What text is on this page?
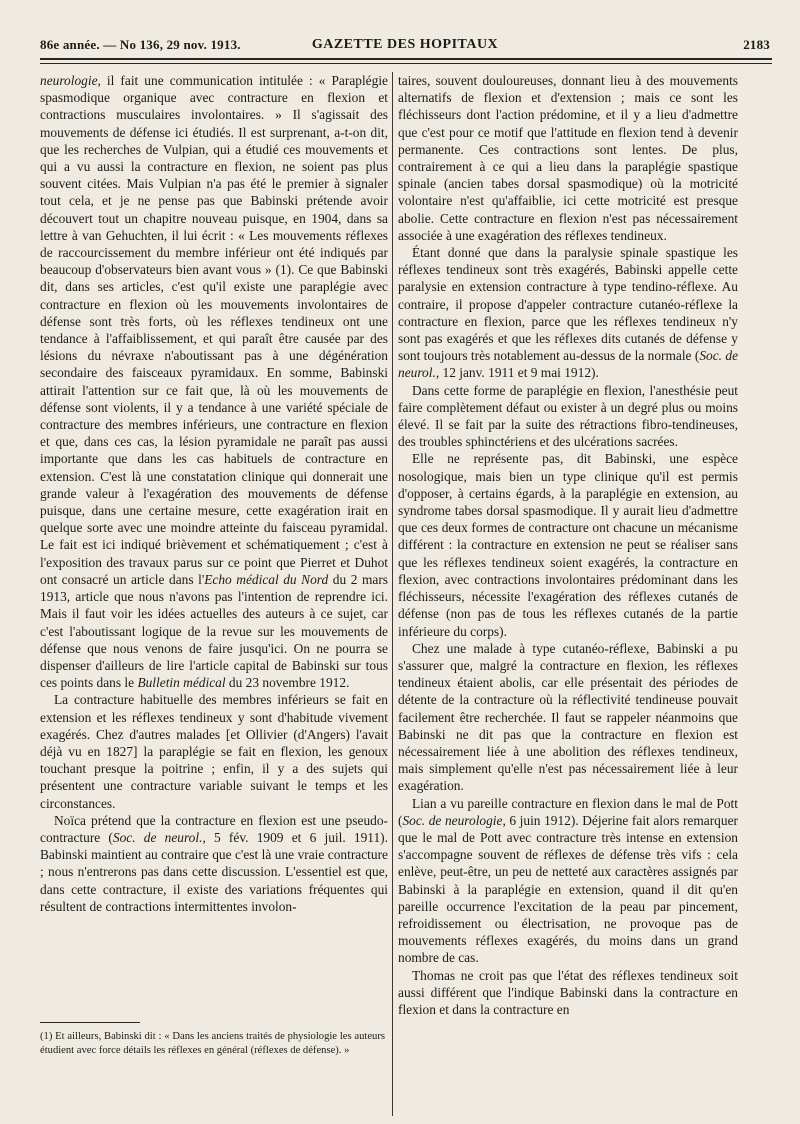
86e année. — No 136, 29 nov. 1913.	GAZETTE DES HOPITAUX	2183

neurologie, il fait une communication intitulée : « Paraplégie spasmodique organique avec contracture en flexion et contractions musculaires involontaires. » Il s'agissait des mouvements de défense ici étudiés. Il est surprenant, a-t-on dit, que les recherches de Vulpian, qui a étudié ces mouvements et qui a vu aussi la contracture en flexion, ne soient pas plus souvent citées. Mais Vulpian n'a pas été le premier à signaler tout cela, et je ne pense pas que Babinski prétende avoir découvert tout un chapitre nouveau puisque, en 1904, dans sa lettre à van Gehuchten, il lui écrit : « Les mouvements réflexes de raccourcissement du membre inférieur ont été indiqués par beaucoup d'observateurs bien avant vous » (1). Ce que Babinski dit, dans ses articles, c'est qu'il existe une paraplégie avec contracture en flexion où les mouvements involontaires de défense sont très forts, où les réflexes tendineux ont une tendance à l'affaiblissement, et qui paraît être causée par des lésions du névraxe n'aboutissant pas à une dégénération secondaire des faisceaux pyramidaux. En somme, Babinski attirait l'attention sur ce fait que, là où les mouvements de défense sont violents, il y a tendance à une variété spéciale de contracture des membres inférieurs, une contracture en flexion et que, dans ces cas, la lésion pyramidale ne paraît pas aussi importante que dans les cas habituels de contracture en extension. C'est là une constatation clinique qui donnerait une grande valeur à l'exagération des mouvements de défense puisque, dans une certaine mesure, cette exagération irait en quelque sorte avec une moindre atteinte du faisceau pyramidal. Le fait est ici indiqué brièvement et schématiquement ; c'est à l'exposition des travaux parus sur ce point que Pierret et Duhot ont consacré un article dans l'Echo médical du Nord du 2 mars 1913, article que nous n'avons pas l'intention de reprendre ici. Mais il faut voir les idées actuelles des auteurs à ce sujet, car c'est l'aboutissant logique de la revue sur les mouvements de défense que nous venons de faire jusqu'ici. On ne pourra se dispenser d'ailleurs de lire l'article capital de Babinski sur tous ces points dans le Bulletin médical du 23 novembre 1912.

La contracture habituelle des membres inférieurs se fait en extension et les réflexes tendineux y sont d'habitude vivement exagérés. Chez d'autres malades [et Ollivier (d'Angers) l'avait déjà vu en 1827] la paraplégie se fait en flexion, les genoux touchant presque la poitrine ; enfin, il y a des sujets qui présentent une contracture variable suivant le temps et les circonstances.

Noïca prétend que la contracture en flexion est une pseudo-contracture (Soc. de neurol., 5 fév. 1909 et 6 juil. 1911). Babinski maintient au contraire que c'est là une vraie contracture ; nous n'entrerons pas dans cette discussion. L'essentiel est que, dans cette contracture, il existe des variations fréquentes qui résultent de contractions intermittentes involon-

taires, souvent douloureuses, donnant lieu à des mouvements alternatifs de flexion et d'extension ; mais ce sont les fléchisseurs dont l'action prédomine, et il y a lieu d'admettre que c'est pour ce motif que l'attitude en flexion tend à devenir permanente. Ces contractions sont lentes. De plus, contrairement à ce qui a lieu dans la paraplégie spastique spinale (ancien tabes dorsal spasmodique) où la motricité volontaire n'est qu'affaiblie, ici cette motricité est presque abolie. Cette contracture en flexion n'est pas nécessairement associée à une exagération des réflexes tendineux.

Étant donné que dans la paralysie spinale spastique les réflexes tendineux sont très exagérés, Babinski appelle cette paralysie en extension contracture à type tendino-réflexe. Au contraire, il propose d'appeler contracture cutanéo-réflexe la contracture en flexion, parce que les réflexes tendineux n'y sont pas exagérés et que les réflexes dits cutanés de défense y sont toujours très notablement au-dessus de la normale (Soc. de neurol., 12 janv. 1911 et 9 mai 1912).

Dans cette forme de paraplégie en flexion, l'anesthésie peut faire complètement défaut ou exister à un degré plus ou moins élevé. Il se fait par la suite des rétractions fibro-tendineuses, des troubles sphinctériens et des ulcérations sacrées.

Elle ne représente pas, dit Babinski, une espèce nosologique, mais bien un type clinique qu'il est permis d'opposer, à certains égards, à la paraplégie en extension, au syndrome tabes dorsal spasmodique. Il y aurait lieu d'admettre que ces deux formes de contracture ont chacune un mécanisme différent : la contracture en extension ne peut se réaliser sans que les réflexes tendineux soient exagérés, la contracture en flexion, avec contractions involontaires prédominant dans les fléchisseurs, nécessite l'exagération des réflexes cutanés de défense (non pas de tous les réflexes cutanés de la partie inférieure du corps).

Chez une malade à type cutanéo-réflexe, Babinski a pu s'assurer que, malgré la contracture en flexion, les réflexes tendineux étaient abolis, car elle présentait des périodes de détente de la contracture où la réflectivité tendineuse pouvait facilement être recherchée. Il faut se rappeler néanmoins que Babinski ne dit pas que la contracture en flexion est nécessairement liée à une abolition des réflexes tendineux, mais simplement qu'elle n'est pas nécessairement liée à leur exagération.

Lian a vu pareille contracture en flexion dans le mal de Pott (Soc. de neurologie, 6 juin 1912). Déjerine fait alors remarquer que le mal de Pott avec contracture très intense en extension s'accompagne souvent de réflexes de défense très vifs : cela enlève, peut-être, un peu de netteté aux caractères assignés par Babinski à la paraplégie en extension, quand il dit qu'en pareille occurrence l'excitation de la peau par pincement, refroidissement ou électrisation, ne provoque pas de mouvements réflexes exagérés, du moins dans un grand nombre de cas.

Thomas ne croit pas que l'état des réflexes tendineux soit aussi différent que l'indique Babinski dans la contracture en flexion et dans la contracture en

(1) Et ailleurs, Babinski dit : « Dans les anciens traités de physiologie les auteurs étudient avec force détails les réflexes en général (réflexes de défense). »
